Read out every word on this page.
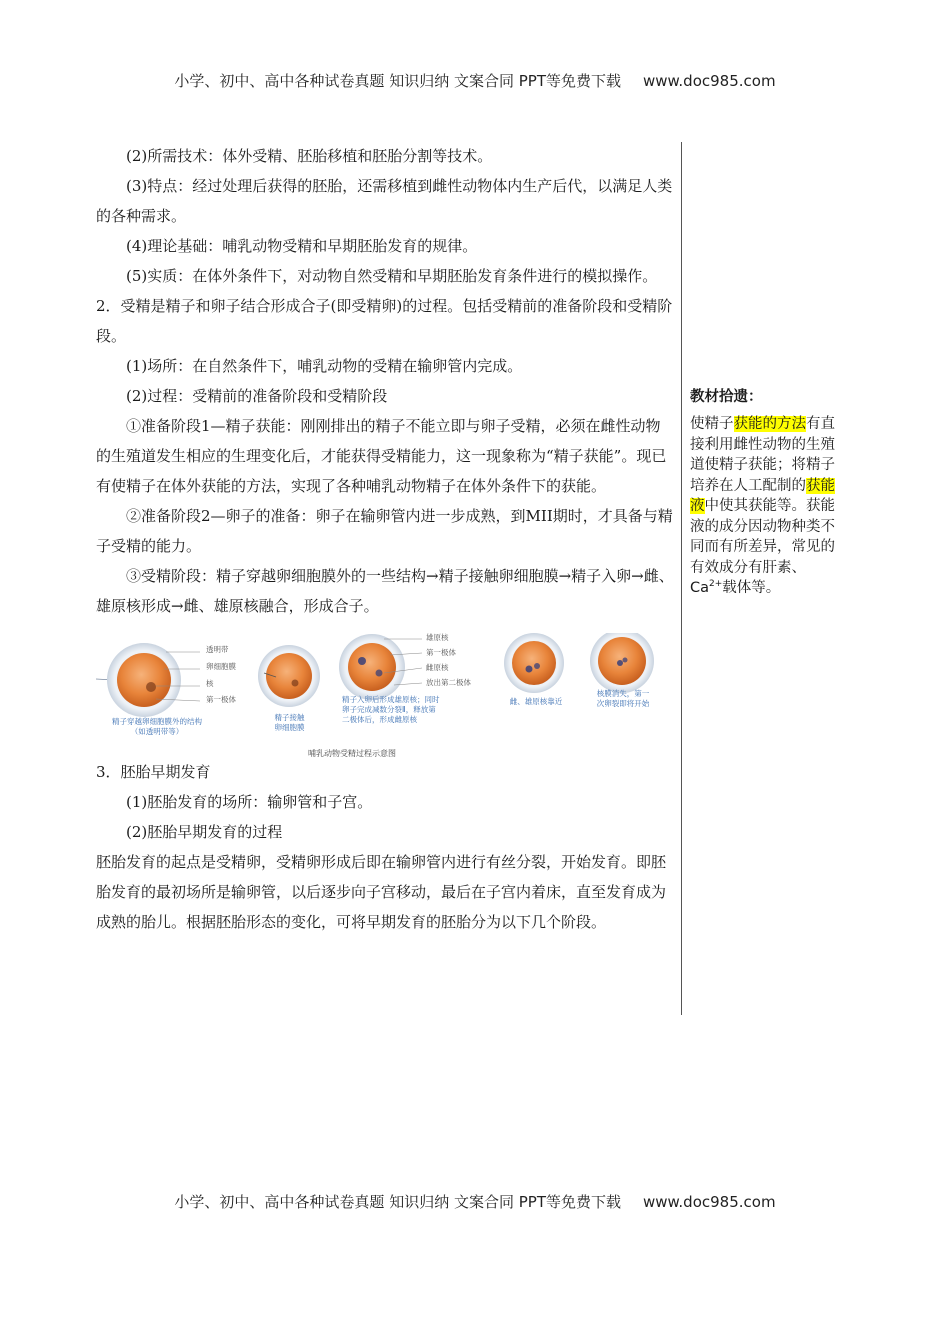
小学、初中、高中各种试卷真题 知识归纳 文案合同 PPT等免费下载 www.doc985.com

(2)所需技术：体外受精、胚胎移植和胚胎分割等技术。

(3)特点：经过处理后获得的胚胎，还需移植到雌性动物体内生产后代，以满足人类的各种需求。

(4)理论基础：哺乳动物受精和早期胚胎发育的规律。

(5)实质：在体外条件下，对动物自然受精和早期胚胎发育条件进行的模拟操作。

2．受精是精子和卵子结合形成合子(即受精卵)的过程。包括受精前的准备阶段和受精阶段。

(1)场所：在自然条件下，哺乳动物的受精在输卵管内完成。

(2)过程：受精前的准备阶段和受精阶段

①准备阶段1—精子获能：刚刚排出的精子不能立即与卵子受精，必须在雌性动物的生殖道发生相应的生理变化后，才能获得受精能力，这一现象称为“精子获能”。现已有使精子在体外获能的方法，实现了各种哺乳动物精子在体外条件下的获能。

②准备阶段2—卵子的准备：卵子在输卵管内进一步成熟，到MII期时，才具备与精子受精的能力。

③受精阶段：精子穿越卵细胞膜外的一些结构→精子接触卵细胞膜→精子入卵→雌、雄原核形成→雌、雄原核融合，形成合子。

透明带
卵细胞膜
核
第一极体
精子穿越卵细胞膜外的结构
（如透明带等）
精子接触
卵细胞膜
雄原核
第一极体
雌原核
放出第二极体
精子入卵后形成雄原核；同时
卵子完成减数分裂Ⅱ，释放第
二极体后，形成雌原核
雌、雄原核靠近
核膜消失，第一
次卵裂即将开始
哺乳动物受精过程示意图

3．胚胎早期发育

(1)胚胎发育的场所：输卵管和子宫。

(2)胚胎早期发育的过程

胚胎发育的起点是受精卵，受精卵形成后即在输卵管内进行有丝分裂，开始发育。即胚胎发育的最初场所是输卵管，以后逐步向子宫移动，最后在子宫内着床，直至发育成为成熟的胎儿。根据胚胎形态的变化，可将早期发育的胚胎分为以下几个阶段。

教材拾遗：
使精子获能的方法有直接利用雌性动物的生殖道使精子获能；将精子培养在人工配制的获能液中使其获能等。获能液的成分因动物种类不同而有所差异，常见的有效成分有肝素、$Ca^{2+}$载体等。
小学、初中、高中各种试卷真题 知识归纳 文案合同 PPT等免费下载 www.doc985.com
